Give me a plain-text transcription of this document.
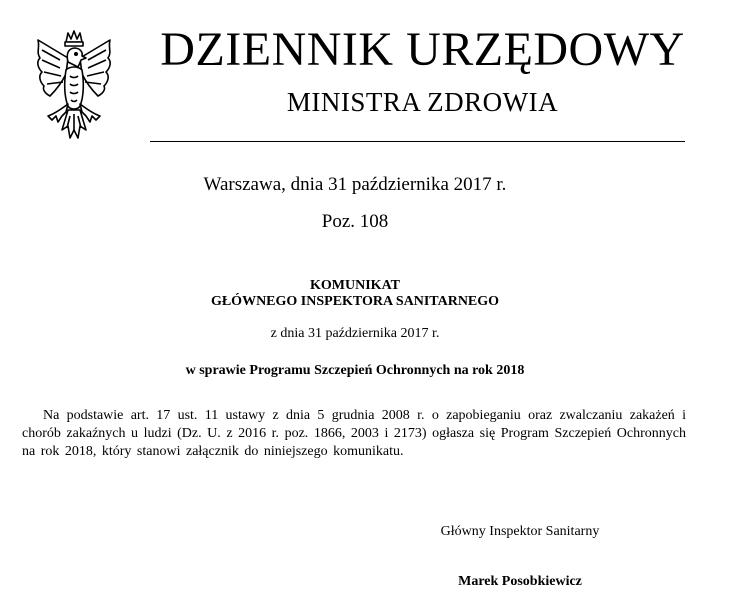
DZIENNIK URZĘDOWY
MINISTRA ZDROWIA
Warszawa, dnia 31 października 2017 r.
Poz. 108
KOMUNIKAT
GŁÓWNEGO INSPEKTORA SANITARNEGO
z dnia 31 października 2017 r.
w sprawie Programu Szczepień Ochronnych na rok 2018
Na podstawie art. 17 ust. 11 ustawy z dnia 5 grudnia 2008 r. o zapobieganiu oraz zwalczaniu zakażeń i chorób zakaźnych u ludzi (Dz. U. z 2016 r. poz. 1866, 2003 i 2173) ogłasza się Program Szczepień Ochronnych na rok 2018, który stanowi załącznik do niniejszego komunikatu.
Główny Inspektor Sanitarny
Marek Posobkiewicz
